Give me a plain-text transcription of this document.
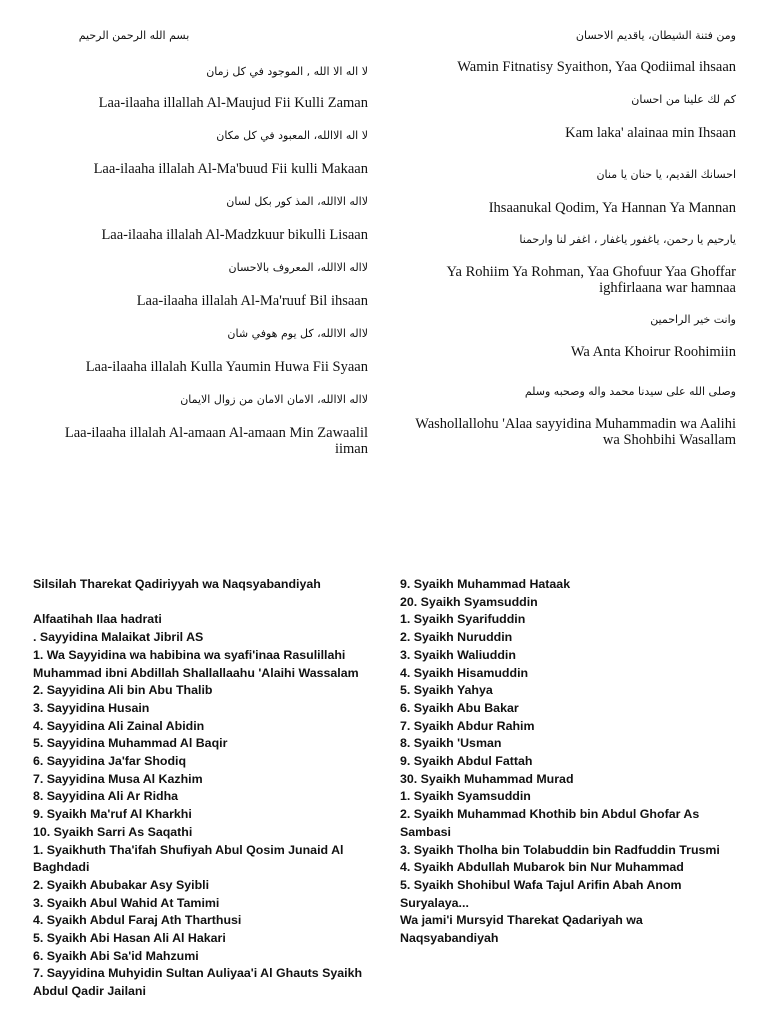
بسم الله الرحمن الرحيم
لا اله الا الله , الموجود في كل زمان
Laa-ilaaha illallah Al-Maujud Fii Kulli Zaman
لا اله الاالله، المعبود في كل مكان
Laa-ilaaha illalah Al-Ma'buud Fii kulli Makaan
لااله الاالله، المذ كور بكل لسان
Laa-ilaaha illalah Al-Madzkuur bikulli Lisaan
لااله الاالله، المعروف بالاحسان
Laa-ilaaha illalah Al-Ma'ruuf Bil ihsaan
لااله الاالله، كل يوم هوفي شان
Laa-ilaaha illalah Kulla Yaumin Huwa Fii Syaan
لااله الاالله، الامان الامان من زوال الايمان
Laa-ilaaha illalah Al-amaan Al-amaan Min Zawaalil iiman
ومن فتنة الشيطان، ياقديم الاحسان
Wamin Fitnatisy Syaithon, Yaa Qodiimal ihsaan
كم لك علينا من احسان
Kam laka' alainaa min Ihsaan
احسانك القديم، يا حنان يا منان
Ihsaanukal Qodim, Ya Hannan Ya Mannan
يارحيم يا رحمن، ياغفور ياغفار ، اغفر لنا وارحمنا
Ya Rohiim Ya Rohman, Yaa Ghofuur Yaa Ghoffar ighfirlaana war hamnaa
وانت خير الراحمين
Wa Anta Khoirur Roohimiin
وصلى الله على سيدنا محمد واله وصحبه وسلم
Washollallohu 'Alaa sayyidina Muhammadin wa Aalihi wa Shohbihi Wasallam
Silsilah Tharekat Qadiriyyah wa Naqsyabandiyah
Alfaatihah Ilaa hadrati
. Sayyidina Malaikat Jibril AS
1. Wa Sayyidina wa habibina wa syafi'inaa Rasulillahi Muhammad ibni Abdillah Shallallaahu 'Alaihi Wassalam
2. Sayyidina Ali bin Abu Thalib
3. Sayyidina Husain
4. Sayyidina Ali Zainal Abidin
5. Sayyidina Muhammad Al Baqir
6. Sayyidina Ja'far Shodiq
7. Sayyidina Musa Al Kazhim
8. Sayyidina Ali Ar Ridha
9. Syaikh Ma'ruf Al Kharkhi
10. Syaikh Sarri As Saqathi
1. Syaikhuth Tha'ifah Shufiyah Abul Qosim Junaid Al Baghdadi
2. Syaikh Abubakar Asy Syibli
3. Syaikh Abul Wahid At Tamimi
4. Syaikh Abdul Faraj Ath Tharthusi
5. Syaikh Abi Hasan Ali Al Hakari
6. Syaikh Abi Sa'id Mahzumi
7. Sayyidina Muhyidin Sultan Auliyaa'i Al Ghauts Syaikh Abdul Qadir Jailani
9. Syaikh Muhammad Hataak
20. Syaikh Syamsuddin
1. Syaikh Syarifuddin
2. Syaikh Nuruddin
3. Syaikh Waliuddin
4. Syaikh Hisamuddin
5. Syaikh Yahya
6. Syaikh Abu Bakar
7. Syaikh Abdur Rahim
8. Syaikh 'Usman
9. Syaikh Abdul Fattah
30. Syaikh Muhammad Murad
1. Syaikh Syamsuddin
2. Syaikh Muhammad Khothib bin Abdul Ghofar As Sambasi
3. Syaikh Tholha bin Tolabuddin bin Radfuddin Trusmi
4. Syaikh Abdullah Mubarok bin Nur Muhammad
5. Syaikh Shohibul Wafa Tajul Arifin Abah Anom Suryalaya...
Wa jami'i Mursyid Tharekat Qadariyah wa Naqsyabandiyah
